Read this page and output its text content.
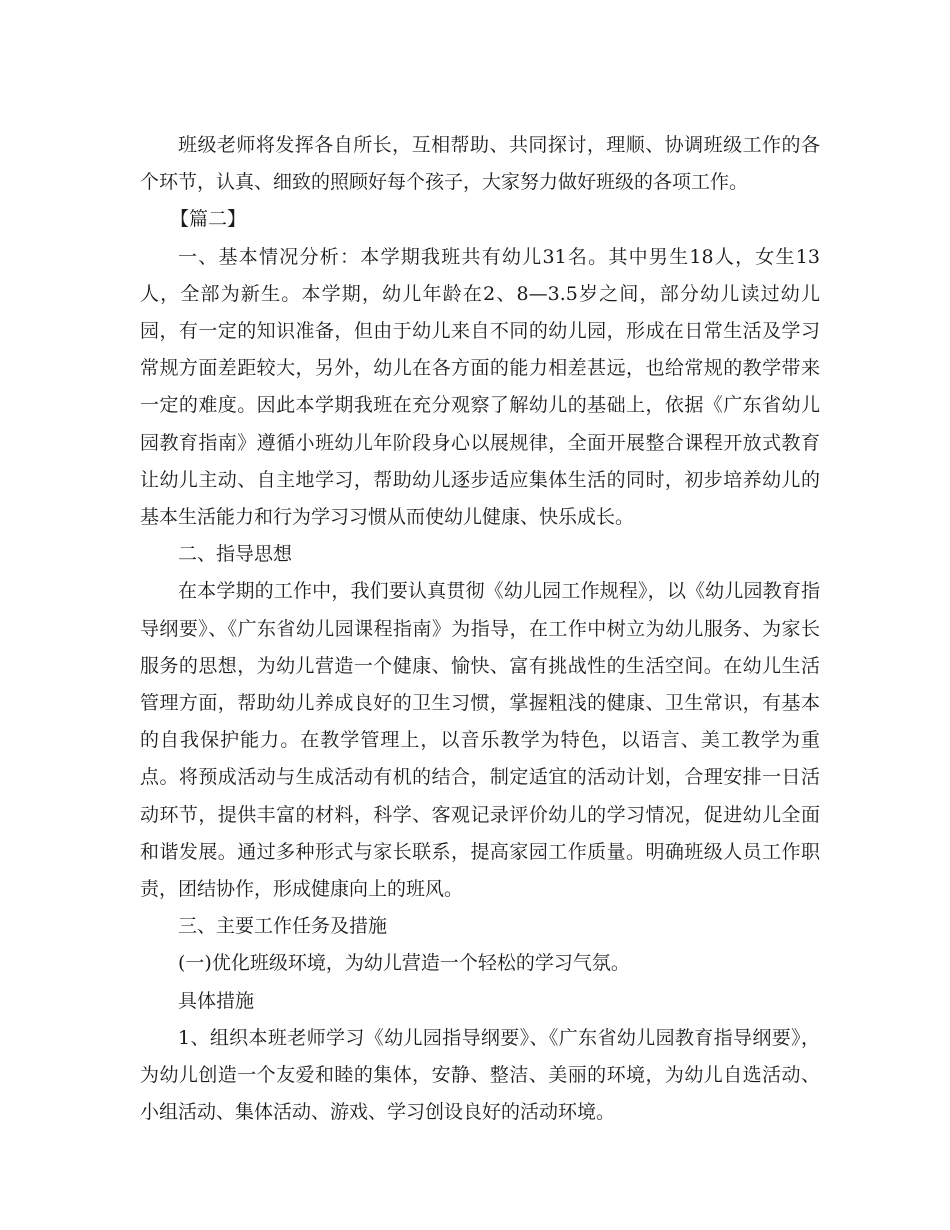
班级老师将发挥各自所长，互相帮助、共同探讨，理顺、协调班级工作的各个环节，认真、细致的照顾好每个孩子，大家努力做好班级的各项工作。

【篇二】

一、基本情况分析：本学期我班共有幼儿31名。其中男生18人，女生13人，全部为新生。本学期，幼儿年龄在2、8—3.5岁之间，部分幼儿读过幼儿园，有一定的知识准备，但由于幼儿来自不同的幼儿园，形成在日常生活及学习常规方面差距较大，另外，幼儿在各方面的能力相差甚远，也给常规的教学带来一定的难度。因此本学期我班在充分观察了解幼儿的基础上，依据《广东省幼儿园教育指南》遵循小班幼儿年阶段身心以展规律，全面开展整合课程开放式教育让幼儿主动、自主地学习，帮助幼儿逐步适应集体生活的同时，初步培养幼儿的基本生活能力和行为学习习惯从而使幼儿健康、快乐成长。

二、指导思想

在本学期的工作中，我们要认真贯彻《幼儿园工作规程》，以《幼儿园教育指导纲要》、《广东省幼儿园课程指南》为指导，在工作中树立为幼儿服务、为家长服务的思想，为幼儿营造一个健康、愉快、富有挑战性的生活空间。在幼儿生活管理方面，帮助幼儿养成良好的卫生习惯，掌握粗浅的健康、卫生常识，有基本的自我保护能力。在教学管理上，以音乐教学为特色，以语言、美工教学为重点。将预成活动与生成活动有机的结合，制定适宜的活动计划，合理安排一日活动环节，提供丰富的材料，科学、客观记录评价幼儿的学习情况，促进幼儿全面和谐发展。通过多种形式与家长联系，提高家园工作质量。明确班级人员工作职责，团结协作，形成健康向上的班风。

三、主要工作任务及措施

(一)优化班级环境，为幼儿营造一个轻松的学习气氛。

具体措施

1、组织本班老师学习《幼儿园指导纲要》、《广东省幼儿园教育指导纲要》，为幼儿创造一个友爱和睦的集体，安静、整洁、美丽的环境，为幼儿自选活动、小组活动、集体活动、游戏、学习创设良好的活动环境。
